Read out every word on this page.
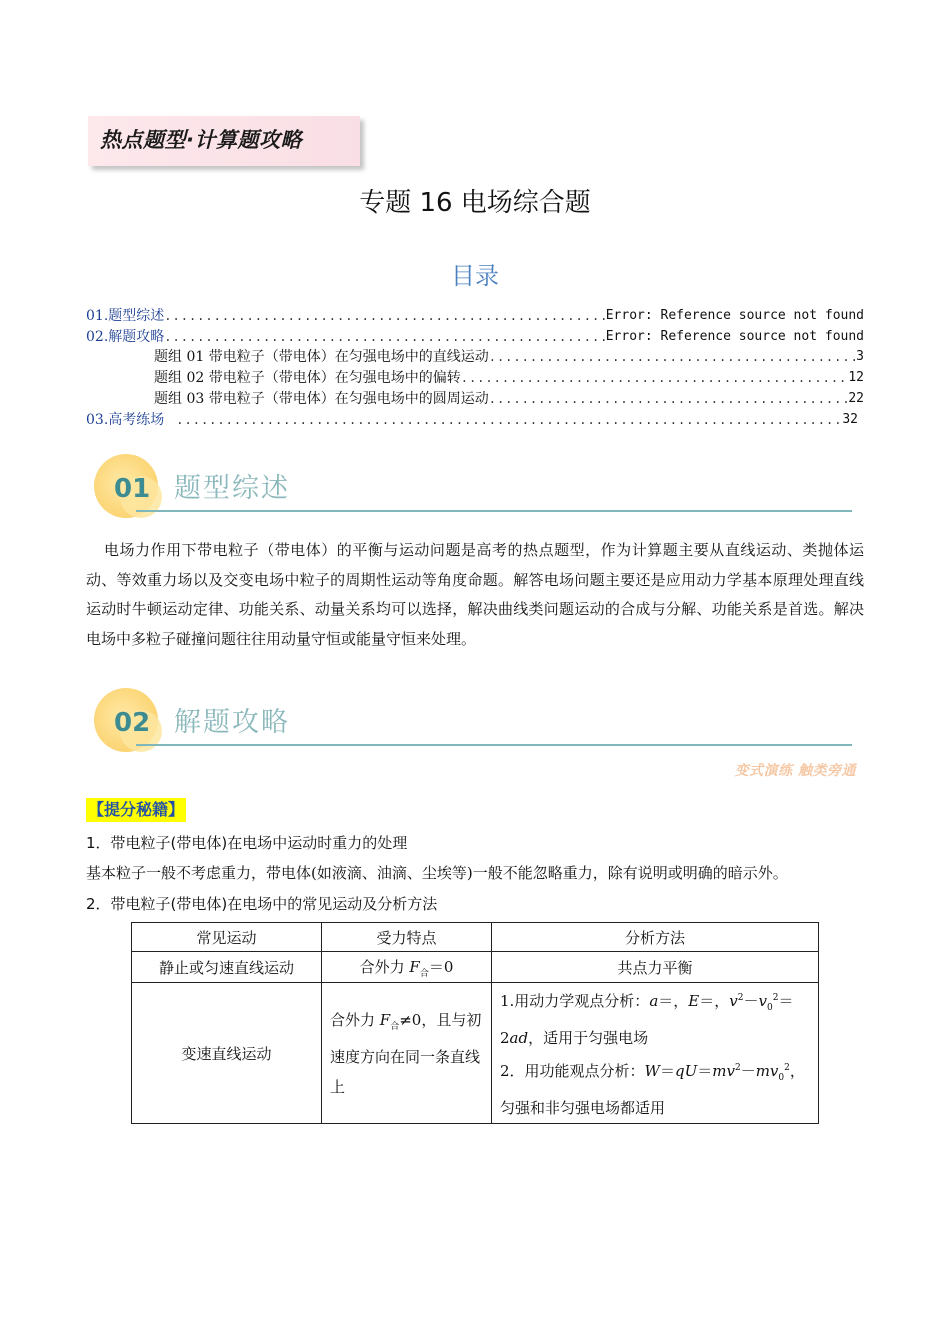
热点题型·计算题攻略
专题 16 电场综合题
目录
01.题型综述 .....	Error: Reference source not found
02.解题攻略 .....	Error: Reference source not found
题组 01 带电粒子（带电体）在匀强电场中的直线运动 .....	3
题组 02 带电粒子（带电体）在匀强电场中的偏转 .....	12
题组 03 带电粒子（带电体）在匀强电场中的圆周运动 .....	22
03.高考练场 .....	32
01 题型综述
电场力作用下带电粒子（带电体）的平衡与运动问题是高考的热点题型，作为计算题主要从直线运动、类抛体运动、等效重力场以及交变电场中粒子的周期性运动等角度命题。解答电场问题主要还是应用动力学基本原理处理直线运动时牛顿运动定律、功能关系、动量关系均可以选择，解决曲线类问题运动的合成与分解、功能关系是首选。解决电场中多粒子碰撞问题往往用动量守恒或能量守恒来处理。
02 解题攻略
变式演练 触类旁通
【提分秘籍】
1．带电粒子(带电体)在电场中运动时重力的处理
基本粒子一般不考虑重力，带电体(如液滴、油滴、尘埃等)一般不能忽略重力，除有说明或明确的暗示外。
2．带电粒子(带电体)在电场中的常见运动及分析方法
常见运动	受力特点	分析方法
静止或匀速直线运动	合外力 $F_合=0$	共点力平衡
变速直线运动	合外力 $F_合\ne 0$，且与初速度方向在同一条直线上	1.用动力学观点分析：a＝，E＝，$v^2-v_0^2=2ad$，适用于匀强电场
2．用功能观点分析：$W=qU=mv^2-mv_0^2$，匀强和非匀强电场都适用
